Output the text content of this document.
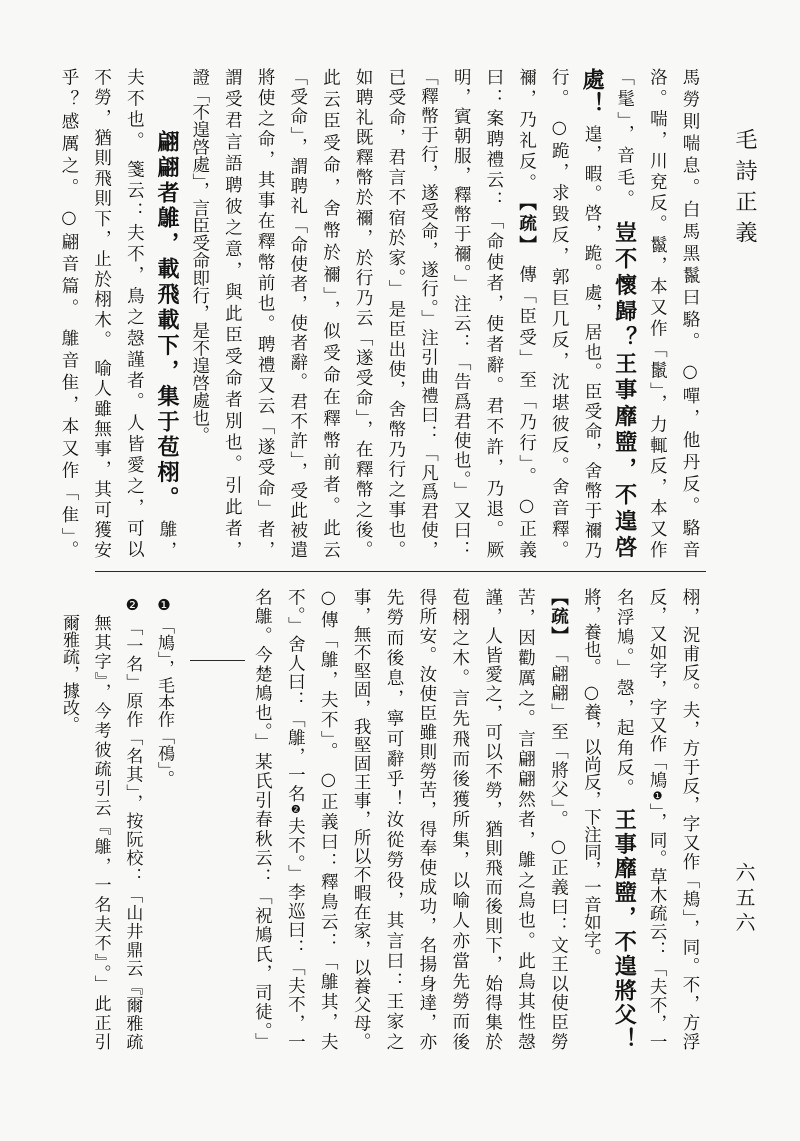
毛詩正義
六五六
馬勞則喘息。白馬黑鬣曰駱。○嘽，他丹反。駱音
洛。喘，川兗反。鬣，本又作「鬛」，力輒反，本又作
「髦」，音毛。豈不懷歸？王事靡盬，不遑啓
處！遑，暇。啓，跪。處，居也。臣受命，舍幣于禰乃
行。○跪，求毀反，郭巨几反，沈堪彼反。舍音釋。
禰，乃礼反。【疏】傳「臣受」至「乃行」。○正義
曰：案聘禮云：「命使者，使者辭。君不許，乃退。厥
明，賓朝服，釋幣于禰。」注云：「告爲君使也。」又曰：
「釋幣于行，遂受命，遂行。」注引曲禮曰：「凡爲君使，
已受命，君言不宿於家。」是臣出使，舍幣乃行之事也。
如聘礼既釋幣於禰，於行乃云「遂受命」，在釋幣之後。
此云臣受命，舍幣於禰」，似受命在釋幣前者。此云
「受命」，謂聘礼「命使者，使者辭。君不許」，受此被遣
將使之命，其事在釋幣前也。聘禮又云「遂受命」者，
謂受君言語聘彼之意，與此臣受命者別也。引此者，
證「不遑啓處」，言臣受命即行，是不遑啓處也。
翩翩者鵻，載飛載下，集于苞栩。鵻，
夫不也。箋云：夫不，鳥之愨謹者。人皆愛之，可以
不勞，猶則飛則下，止於栩木。喻人雖無事，其可獲安
乎？感厲之。○翩音篇。鵻音隹，本又作「隹」。
栩，況甫反。夫，方于反，字又作「鳺」，同。不，方浮
反，又如字，字又作「鳩❶」，同。草木疏云：「夫不，一
名浮鳩。」愨，起角反。王事靡盬，不遑將父！
將，養也。○養，以尚反，下注同，一音如字。
【疏】「翩翩」至「將父」。○正義曰：文王以使臣勞
苦，因勸厲之。言翩翩然者，鵻之鳥也。此鳥其性愨
謹，人皆愛之，可以不勞，猶則飛而後則下，始得集於
苞栩之木。言先飛而後獲所集，以喻人亦當先勞而後
得所安。汝使臣雖則勞苦，得奉使成功，名揚身達，亦
先勞而後息，寧可辭乎！汝從勞役，其言曰：王家之
事，無不堅固，我堅固王事，所以不暇在家，以養父母。
○傳「鵻，夫不」。○正義曰：釋鳥云：「鵻其，夫
不。」舍人曰：「鵻，一名❷夫不。」李巡曰：「夫不，一
名鵻。今楚鳩也。」某氏引春秋云：「祝鳩氏，司徒。」
❶「鳩」，毛本作「鴀」。
❷「一名」原作「名其」，按阮校：「山井鼎云『爾雅疏
無其字』，今考彼疏引云『鵻，一名夫不』。」此正引
爾雅疏，據改。
